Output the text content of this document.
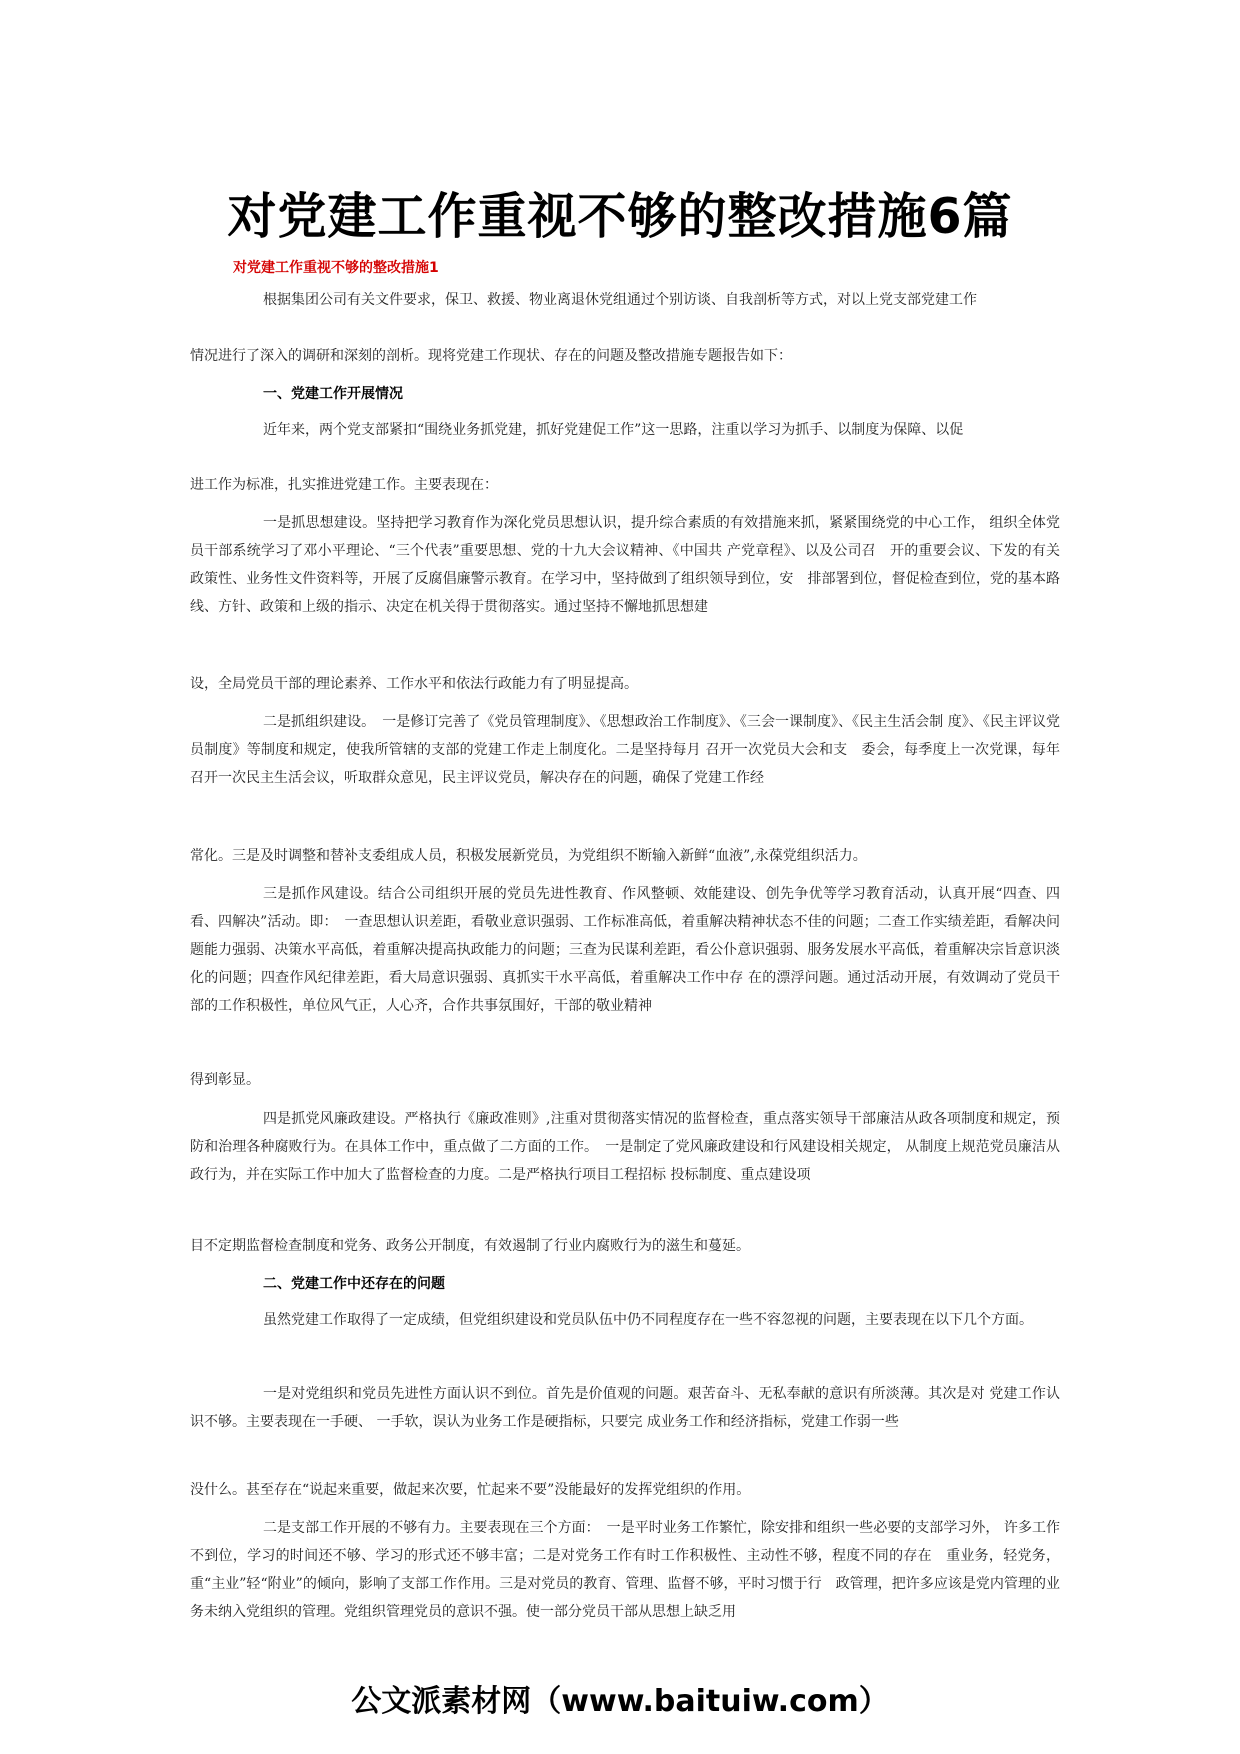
对党建工作重视不够的整改措施6篇
对党建工作重视不够的整改措施1

根据集团公司有关文件要求，保卫、救援、物业离退休党组通过个别访谈、自我剖析等方式，对以上党支部党建工作

情况进行了深入的调研和深刻的剖析。现将党建工作现状、存在的问题及整改措施专题报告如下：

一、党建工作开展情况

近年来，两个党支部紧扣“围绕业务抓党建，抓好党建促工作”这一思路，注重以学习为抓手、以制度为保障、以促

进工作为标准，扎实推进党建工作。主要表现在：

一是抓思想建设。坚持把学习教育作为深化党员思想认识，提升综合素质的有效措施来抓，紧紧围绕党的中心工作， 组织全体党员干部系统学习了邓小平理论、“三个代表”重要思想、党的十九大会议精神、《中国共 产党章程》、以及公司召　开的重要会议、下发的有关政策性、业务性文件资料等，开展了反腐倡廉警示教育。在学习中，坚持做到了组织领导到位，安　排部署到位，督促检查到位，党的基本路线、方针、政策和上级的指示、决定在机关得于贯彻落实。通过坚持不懈地抓思想建

设，全局党员干部的理论素养、工作水平和依法行政能力有了明显提高。

二是抓组织建设。　一是修订完善了《党员管理制度》、《思想政治工作制度》、《三会一课制度》、《民主生活会制 度》、《民主评议党员制度》等制度和规定，使我所管辖的支部的党建工作走上制度化。二是坚持每月 召开一次党员大会和支　委会，每季度上一次党课，每年召开一次民主生活会议，听取群众意见，民主评议党员，解决存在的问题，确保了党建工作经

常化。三是及时调整和替补支委组成人员，积极发展新党员，为党组织不断输入新鲜“血液”,永葆党组织活力。

三是抓作风建设。结合公司组织开展的党员先进性教育、作风整顿、效能建设、创先争优等学习教育活动，认真开展“四查、四看、四解决”活动。即：　一查思想认识差距，看敬业意识强弱、工作标准高低，着重解决精神状态不佳的问题；二查工作实绩差距，看解决问题能力强弱、决策水平高低，着重解决提高执政能力的问题；三查为民谋利差距，看公仆意识强弱、服务发展水平高低，着重解决宗旨意识淡化的问题；四查作风纪律差距，看大局意识强弱、真抓实干水平高低，着重解决工作中存 在的漂浮问题。通过活动开展，有效调动了党员干部的工作积极性，单位风气正，人心齐，合作共事氛围好，干部的敬业精神

得到彰显。

四是抓党风廉政建设。严格执行《廉政准则》,注重对贯彻落实情况的监督检查，重点落实领导干部廉洁从政各项制度和规定，预防和治理各种腐败行为。在具体工作中，重点做了二方面的工作。　一是制定了党风廉政建设和行风建设相关规定， 从制度上规范党员廉洁从政行为，并在实际工作中加大了监督检查的力度。二是严格执行项目工程招标 投标制度、重点建设项

目不定期监督检查制度和党务、政务公开制度，有效遏制了行业内腐败行为的滋生和蔓延。

二、党建工作中还存在的问题

虽然党建工作取得了一定成绩，但党组织建设和党员队伍中仍不同程度存在一些不容忽视的问题，主要表现在以下几个方面。

一是对党组织和党员先进性方面认识不到位。首先是价值观的问题。艰苦奋斗、无私奉献的意识有所淡薄。其次是对 党建工作认识不够。主要表现在一手硬、 一手软，误认为业务工作是硬指标，只要完 成业务工作和经济指标，党建工作弱一些

没什么。甚至存在“说起来重要，做起来次要，忙起来不要”没能最好的发挥党组织的作用。

二是支部工作开展的不够有力。主要表现在三个方面：　一是平时业务工作繁忙，除安排和组织一些必要的支部学习外， 许多工作不到位，学习的时间还不够、学习的形式还不够丰富；二是对党务工作有时工作积极性、主动性不够，程度不同的存在　重业务，轻党务，重“主业”轻“附业”的倾向，影响了支部工作作用。三是对党员的教育、管理、监督不够，平时习惯于行　政管理，把许多应该是党内管理的业务未纳入党组织的管理。党组织管理党员的意识不强。使一部分党员干部从思想上缺乏用

公文派素材网（www.baituiw.com）
